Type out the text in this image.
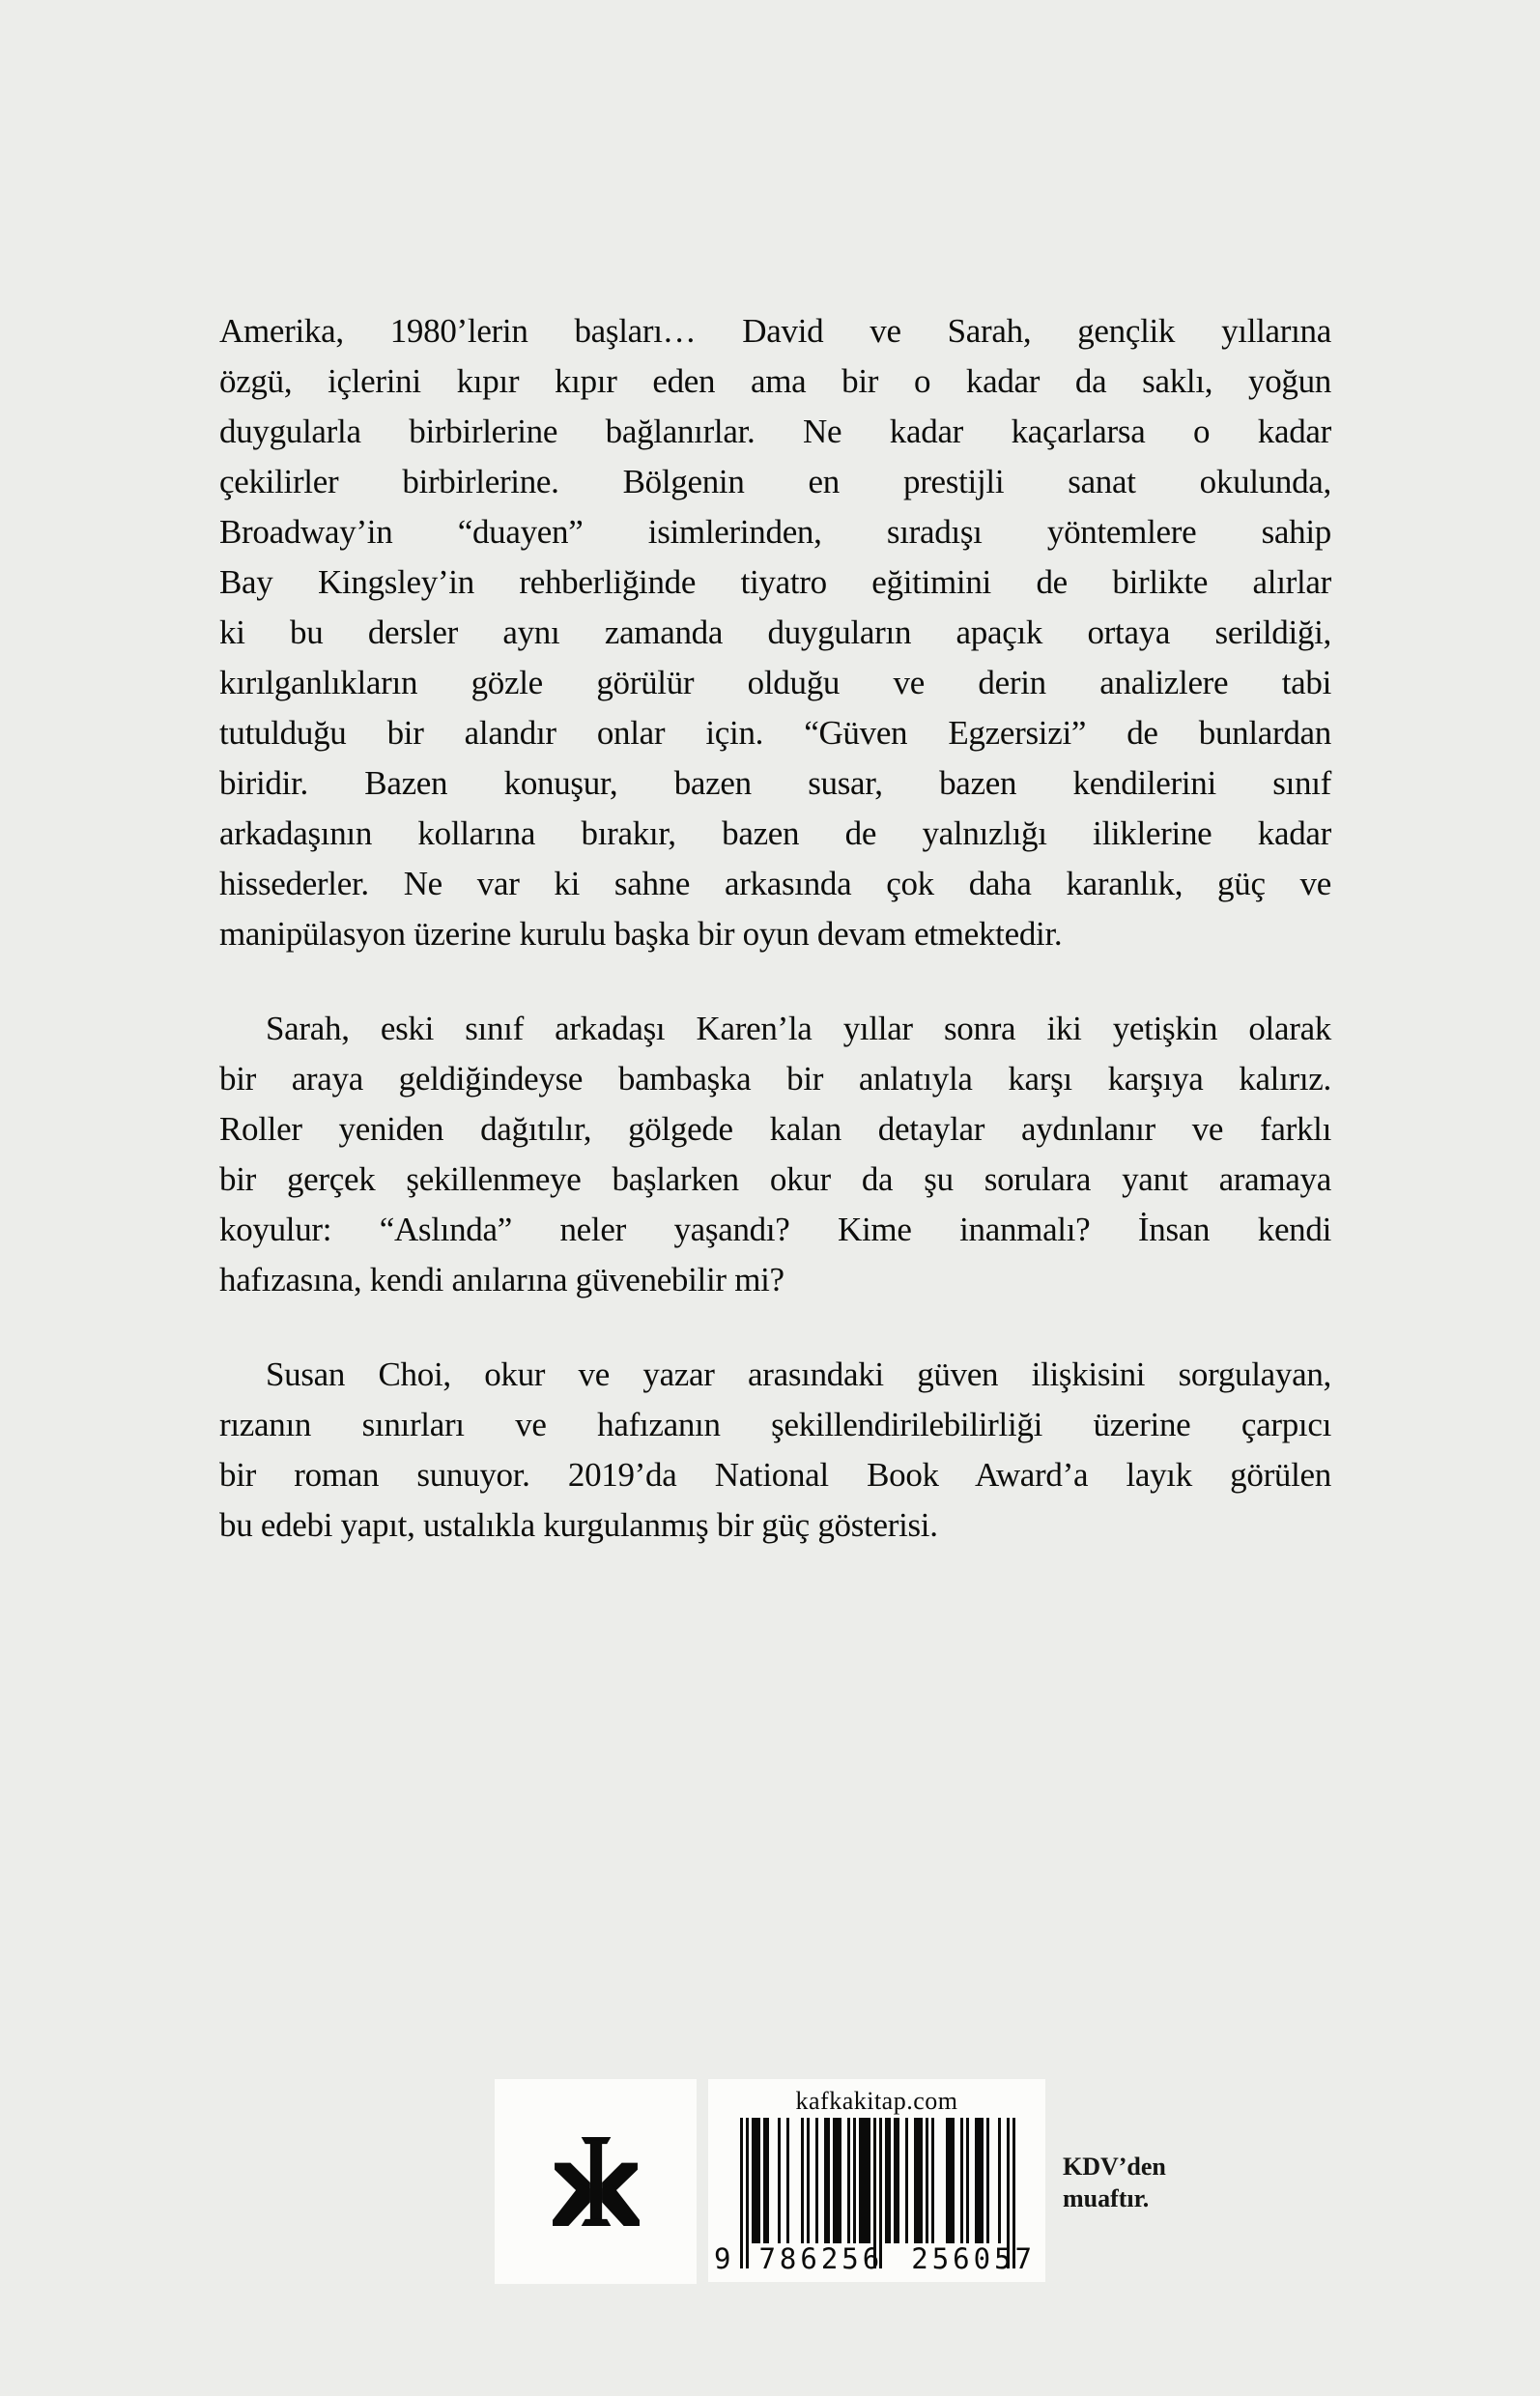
Amerika, 1980’lerin başları… David ve Sarah, gençlik yıllarına
özgü, içlerini kıpır kıpır eden ama bir o kadar da saklı, yoğun
duygularla birbirlerine bağlanırlar. Ne kadar kaçarlarsa o kadar
çekilirler birbirlerine. Bölgenin en prestijli sanat okulunda,
Broadway’in “duayen” isimlerinden, sıradışı yöntemlere sahip
Bay Kingsley’in rehberliğinde tiyatro eğitimini de birlikte alırlar
ki bu dersler aynı zamanda duyguların apaçık ortaya serildiği,
kırılganlıkların gözle görülür olduğu ve derin analizlere tabi
tutulduğu bir alandır onlar için. “Güven Egzersizi” de bunlardan
biridir. Bazen konuşur, bazen susar, bazen kendilerini sınıf
arkadaşının kollarına bırakır, bazen de yalnızlığı iliklerine kadar
hissederler. Ne var ki sahne arkasında çok daha karanlık, güç ve
manipülasyon üzerine kurulu başka bir oyun devam etmektedir.
Sarah, eski sınıf arkadaşı Karen’la yıllar sonra iki yetişkin olarak
bir araya geldiğindeyse bambaşka bir anlatıyla karşı karşıya kalırız.
Roller yeniden dağıtılır, gölgede kalan detaylar aydınlanır ve farklı
bir gerçek şekillenmeye başlarken okur da şu sorulara yanıt aramaya
koyulur: “Aslında” neler yaşandı? Kime inanmalı? İnsan kendi
hafızasına, kendi anılarına güvenebilir mi?
Susan Choi, okur ve yazar arasındaki güven ilişkisini sorgulayan,
rızanın sınırları ve hafızanın şekillendirilebilirliği üzerine çarpıcı
bir roman sunuyor. 2019’da National Book Award’a layık görülen
bu edebi yapıt, ustalıkla kurgulanmış bir güç gösterisi.
kafkakitap.com
9 786256 256057
KDV’den
muaftır.
